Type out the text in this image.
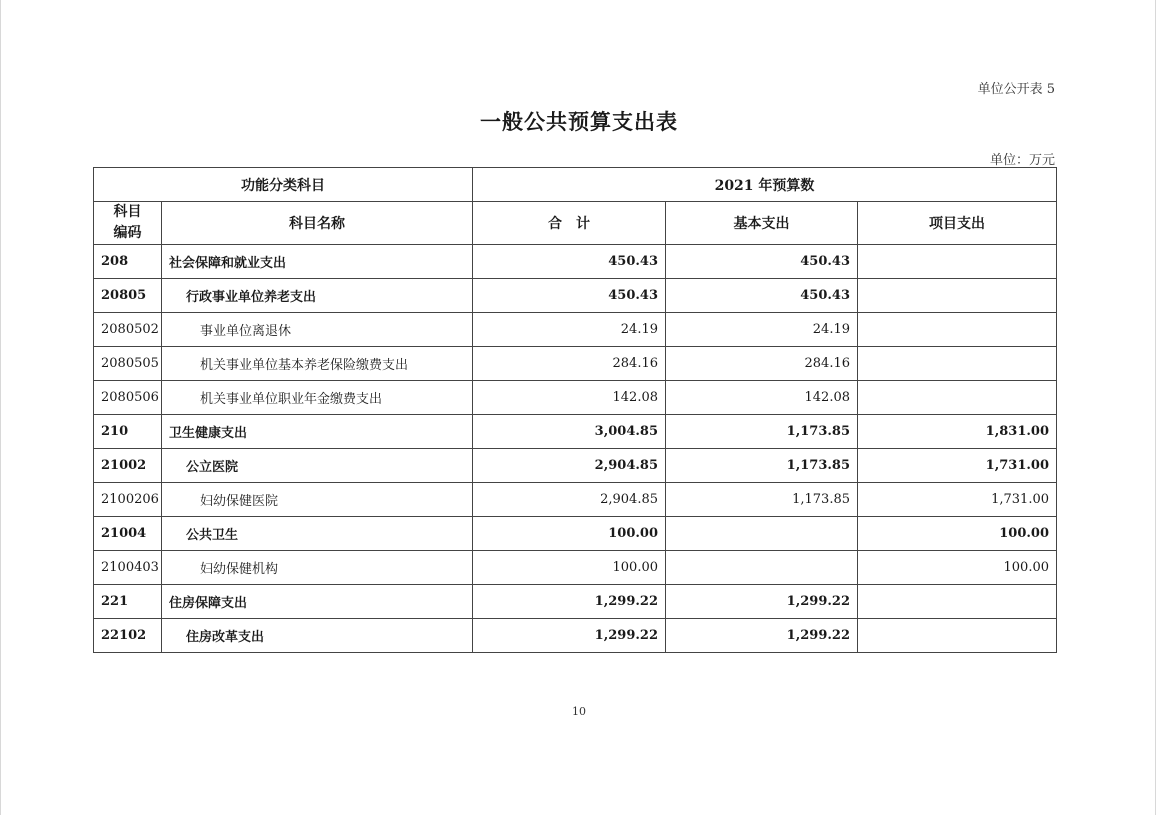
单位公开表 5
一般公共预算支出表
单位：万元
功能分类科目		2021 年预算数		
科目
编码	科目名称	合　计	基本支出	项目支出
208	社会保障和就业支出	450.43	450.43	
20805	行政事业单位养老支出	450.43	450.43	
2080502	事业单位离退休	24.19	24.19	
2080505	机关事业单位基本养老保险缴费支出	284.16	284.16	
2080506	机关事业单位职业年金缴费支出	142.08	142.08	
210	卫生健康支出	3,004.85	1,173.85	1,831.00
21002	公立医院	2,904.85	1,173.85	1,731.00
2100206	妇幼保健医院	2,904.85	1,173.85	1,731.00
21004	公共卫生	100.00		100.00
2100403	妇幼保健机构	100.00		100.00
221	住房保障支出	1,299.22	1,299.22	
22102	住房改革支出	1,299.22	1,299.22	
10
